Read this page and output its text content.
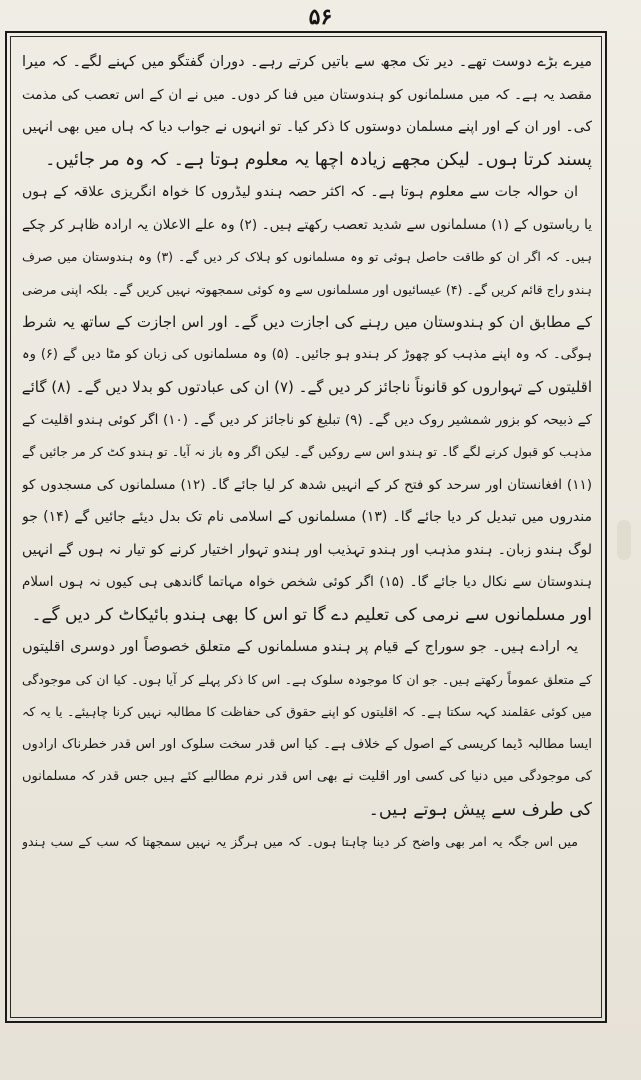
۵۶
میرے بڑے دوست تھے۔ دیر تک مجھ سے باتیں کرتے رہے۔ دوران گفتگو میں کہنے لگے۔ کہ میرا
مقصد یہ ہے۔ کہ میں مسلمانوں کو ہندوستان میں فنا کر دوں۔ میں نے ان کے اس تعصب کی مذمت
کی۔ اور ان کے اور اپنے مسلمان دوستوں کا ذکر کیا۔ تو انہوں نے جواب دیا کہ ہاں میں بھی انہیں
پسند کرتا ہوں۔ لیکن مجھے زیادہ اچھا یہ معلوم ہوتا ہے۔ کہ وہ مر جائیں۔
ان حوالہ جات سے معلوم ہوتا ہے۔ کہ اکثر حصہ ہندو لیڈروں کا خواہ انگریزی علاقہ کے ہوں
یا ریاستوں کے (۱) مسلمانوں سے شدید تعصب رکھتے ہیں۔ (۲) وہ علے الاعلان یہ ارادہ ظاہر کر چکے
ہیں۔ کہ اگر ان کو طاقت حاصل ہوئی تو وہ مسلمانوں کو ہلاک کر دیں گے۔ (۳) وہ ہندوستان میں صرف
ہندو راج قائم کریں گے۔ (۴) عیسائیوں اور مسلمانوں سے وہ کوئی سمجھوتہ نہیں کریں گے۔ بلکہ اپنی مرضی
کے مطابق ان کو ہندوستان میں رہنے کی اجازت دیں گے۔ اور اس اجازت کے ساتھ یہ شرط
ہوگی۔ کہ وہ اپنے مذہب کو چھوڑ کر ہندو ہو جائیں۔ (۵) وہ مسلمانوں کی زبان کو مٹا دیں گے (۶) وہ
اقلیتوں کے تہواروں کو قانوناً ناجائز کر دیں گے۔ (۷) ان کی عبادتوں کو بدلا دیں گے۔ (۸) گائے
کے ذبیحہ کو بزور شمشیر روک دیں گے۔ (۹) تبلیغ کو ناجائز کر دیں گے۔ (۱۰) اگر کوئی ہندو اقلیت کے
مذہب کو قبول کرنے لگے گا۔ تو ہندو اس سے روکیں گے۔ لیکن اگر وہ باز نہ آیا۔ تو ہندو کٹ کر مر جائیں گے
(۱۱) افغانستان اور سرحد کو فتح کر کے انہیں شدھ کر لیا جائے گا۔ (۱۲) مسلمانوں کی مسجدوں کو
مندروں میں تبدیل کر دیا جائے گا۔ (۱۳) مسلمانوں کے اسلامی نام تک بدل دیئے جائیں گے (۱۴) جو
لوگ ہندو زبان۔ ہندو مذہب اور ہندو تہذیب اور ہندو تہوار اختیار کرنے کو تیار نہ ہوں گے انہیں
ہندوستان سے نکال دیا جائے گا۔ (۱۵) اگر کوئی شخص خواہ مہاتما گاندھی ہی کیوں نہ ہوں اسلام
اور مسلمانوں سے نرمی کی تعلیم دے گا تو اس کا بھی ہندو بائیکاٹ کر دیں گے۔
یہ ارادے ہیں۔ جو سوراج کے قیام پر ہندو مسلمانوں کے متعلق خصوصاً اور دوسری اقلیتوں
کے متعلق عموماً رکھتے ہیں۔ جو ان کا موجودہ سلوک ہے۔ اس کا ذکر پہلے کر آیا ہوں۔ کیا ان کی موجودگی
میں کوئی عقلمند کہہ سکتا ہے۔ کہ اقلیتوں کو اپنے حقوق کی حفاظت کا مطالبہ نہیں کرنا چاہیئے۔ یا یہ کہ
ایسا مطالبہ ڈیما کریسی کے اصول کے خلاف ہے۔ کیا اس قدر سخت سلوک اور اس قدر خطرناک ارادوں
کی موجودگی میں دنیا کی کسی اور اقلیت نے بھی اس قدر نرم مطالبے کئے ہیں جس قدر کہ مسلمانوں
کی طرف سے پیش ہوتے ہیں۔
میں اس جگہ یہ امر بھی واضح کر دینا چاہتا ہوں۔ کہ میں ہرگز یہ نہیں سمجھتا کہ سب کے سب ہندو
